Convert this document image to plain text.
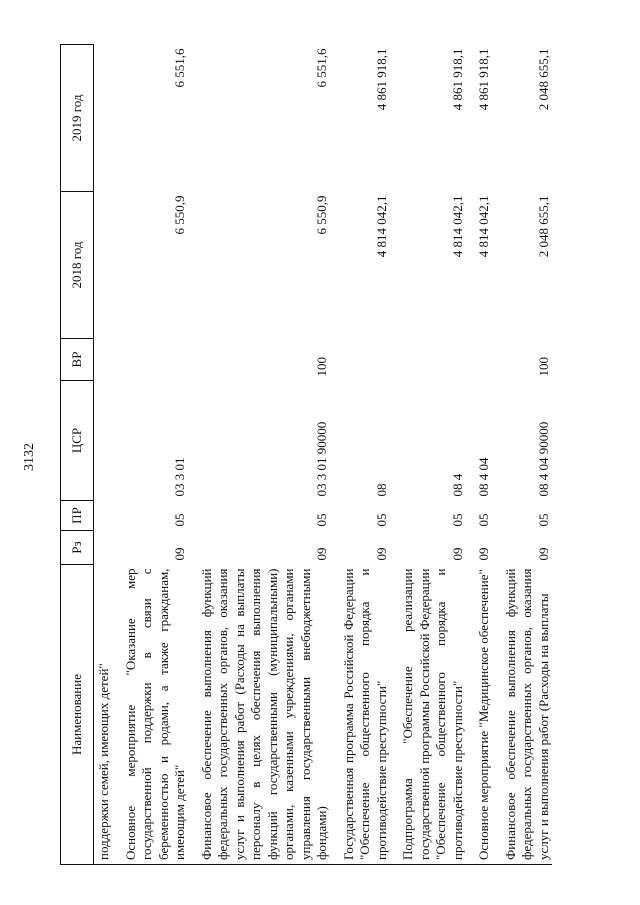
3132
Наименование	Рз	ПР	ЦСР	ВР	2018 год	2019 год
поддержки семей, имеющих детей"						
Основное мероприятие "Оказание мер государственной поддержки в связи с беременностью и родами, а также гражданам, имеющим детей"	09	05	03 3 01		6 550,9	6 551,6
Финансовое обеспечение выполнения функций федеральных государственных органов, оказания услуг и выполнения работ (Расходы на выплаты персоналу в целях обеспечения выполнения функций государственными (муниципальными) органами, казенными учреждениями, органами управления государственными внебюджетными фондами)	09	05	03 3 01 90000	100	6 550,9	6 551,6
Государственная программа Российской Федерации "Обеспечение общественного порядка и противодействие преступности"	09	05	08		4 814 042,1	4 861 918,1
Подпрограмма "Обеспечение реализации государственной программы Российской Федерации "Обеспечение общественного порядка и противодействие преступности"	09	05	08 4		4 814 042,1	4 861 918,1
Основное мероприятие "Медицинское обеспечение"	09	05	08 4 04		4 814 042,1	4 861 918,1
Финансовое обеспечение выполнения функций федеральных государственных органов, оказания услуг и выполнения работ (Расходы на выплаты	09	05	08 4 04 90000	100	2 048 655,1	2 048 655,1
